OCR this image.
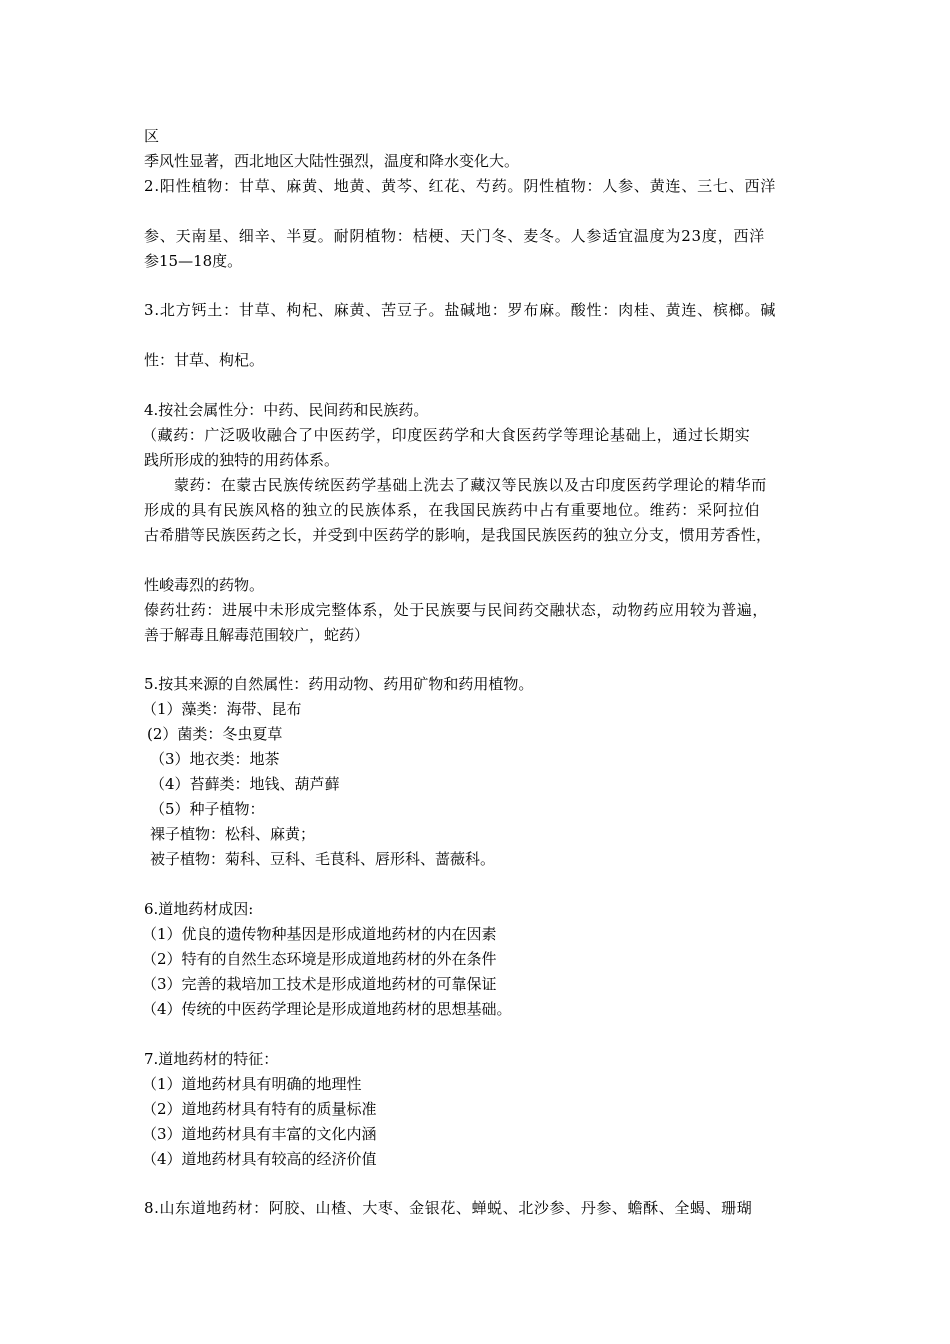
区
季风性显著，西北地区大陆性强烈，温度和降水变化大。
2.阳性植物：甘草、麻黄、地黄、黄芩、红花、芍药。阴性植物：人参、黄连、三七、西洋
参、天南星、细辛、半夏。耐阴植物：桔梗、天门冬、麦冬。人参适宜温度为23度，西洋
参15—18度。
3.北方钙土：甘草、枸杞、麻黄、苦豆子。盐碱地：罗布麻。酸性：肉桂、黄连、槟榔。碱
性：甘草、枸杞。
4.按社会属性分：中药、民间药和民族药。
（藏药：广泛吸收融合了中医药学，印度医药学和大食医药学等理论基础上，通过长期实
践所形成的独特的用药体系。
蒙药：在蒙古民族传统医药学基础上洗去了藏汉等民族以及古印度医药学理论的精华而
形成的具有民族风格的独立的民族体系，在我国民族药中占有重要地位。维药：采阿拉伯
古希腊等民族医药之长，并受到中医药学的影响，是我国民族医药的独立分支，惯用芳香性，
性峻毒烈的药物。
傣药壮药：进展中未形成完整体系，处于民族要与民间药交融状态，动物药应用较为普遍，
善于解毒且解毒范围较广，蛇药）
5.按其来源的自然属性：药用动物、药用矿物和药用植物。
（1）藻类：海带、昆布
(2）菌类：冬虫夏草
（3）地衣类：地茶
（4）苔藓类：地钱、葫芦藓
（5）种子植物：
裸子植物：松科、麻黄；
被子植物：菊科、豆科、毛茛科、唇形科、蔷薇科。
6.道地药材成因:
（1）优良的遗传物种基因是形成道地药材的内在因素
（2）特有的自然生态环境是形成道地药材的外在条件
（3）完善的栽培加工技术是形成道地药材的可靠保证
（4）传统的中医药学理论是形成道地药材的思想基础。
7.道地药材的特征：
（1）道地药材具有明确的地理性
（2）道地药材具有特有的质量标准
（3）道地药材具有丰富的文化内涵
（4）道地药材具有较高的经济价值
8.山东道地药材：阿胶、山楂、大枣、金银花、蝉蜕、北沙参、丹参、蟾酥、全蝎、珊瑚
